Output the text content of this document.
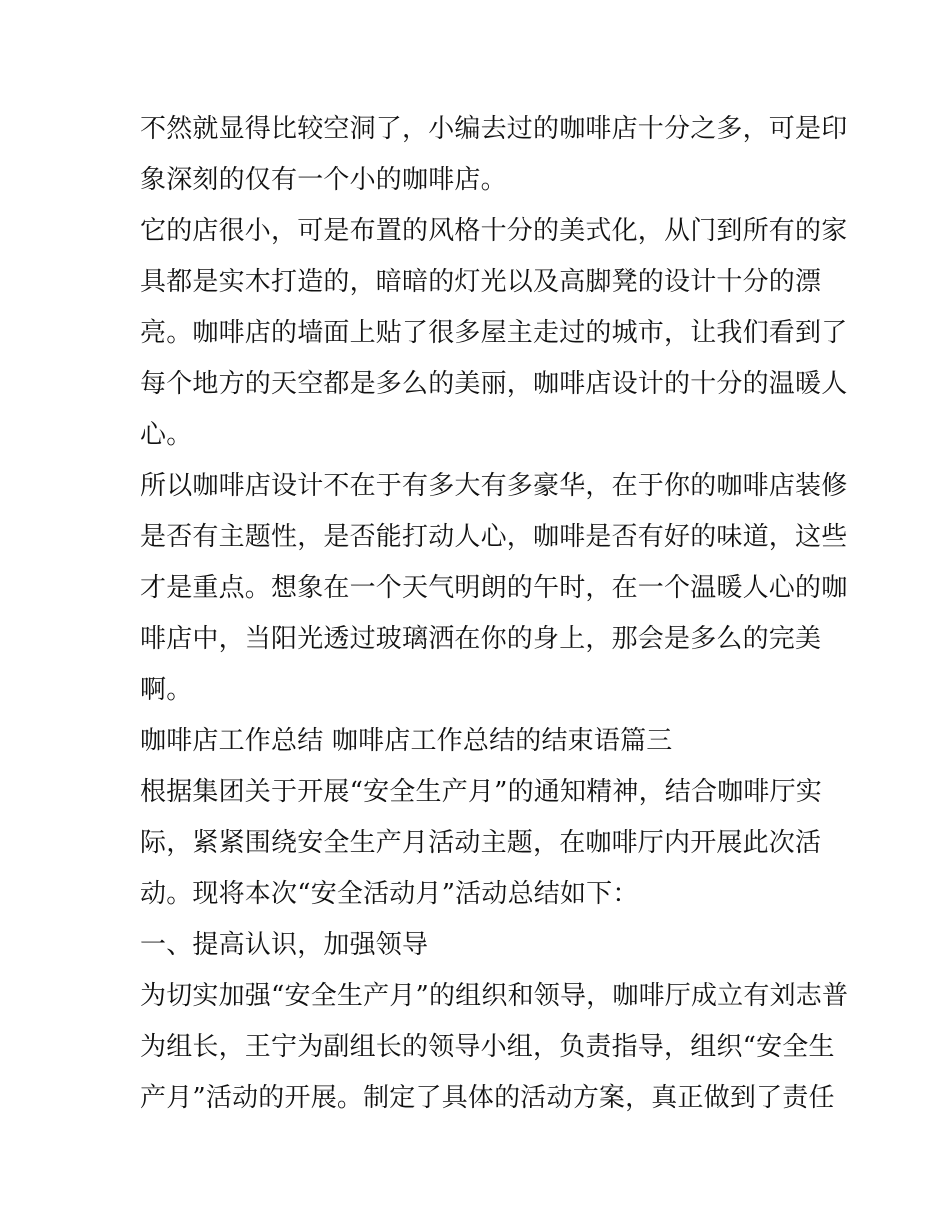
不然就显得比较空洞了，小编去过的咖啡店十分之多，可是印
象深刻的仅有一个小的咖啡店。
它的店很小，可是布置的风格十分的美式化，从门到所有的家
具都是实木打造的，暗暗的灯光以及高脚凳的设计十分的漂
亮。咖啡店的墙面上贴了很多屋主走过的城市，让我们看到了
每个地方的天空都是多么的美丽，咖啡店设计的十分的温暖人
心。
所以咖啡店设计不在于有多大有多豪华，在于你的咖啡店装修
是否有主题性，是否能打动人心，咖啡是否有好的味道，这些
才是重点。想象在一个天气明朗的午时，在一个温暖人心的咖
啡店中，当阳光透过玻璃洒在你的身上，那会是多么的完美
啊。
咖啡店工作总结 咖啡店工作总结的结束语篇三
根据集团关于开展“安全生产月”的通知精神，结合咖啡厅实
际，紧紧围绕安全生产月活动主题，在咖啡厅内开展此次活
动。现将本次“安全活动月”活动总结如下：
一、提高认识，加强领导
为切实加强“安全生产月”的组织和领导，咖啡厅成立有刘志普
为组长，王宁为副组长的领导小组，负责指导，组织“安全生
产月”活动的开展。制定了具体的活动方案，真正做到了责任
